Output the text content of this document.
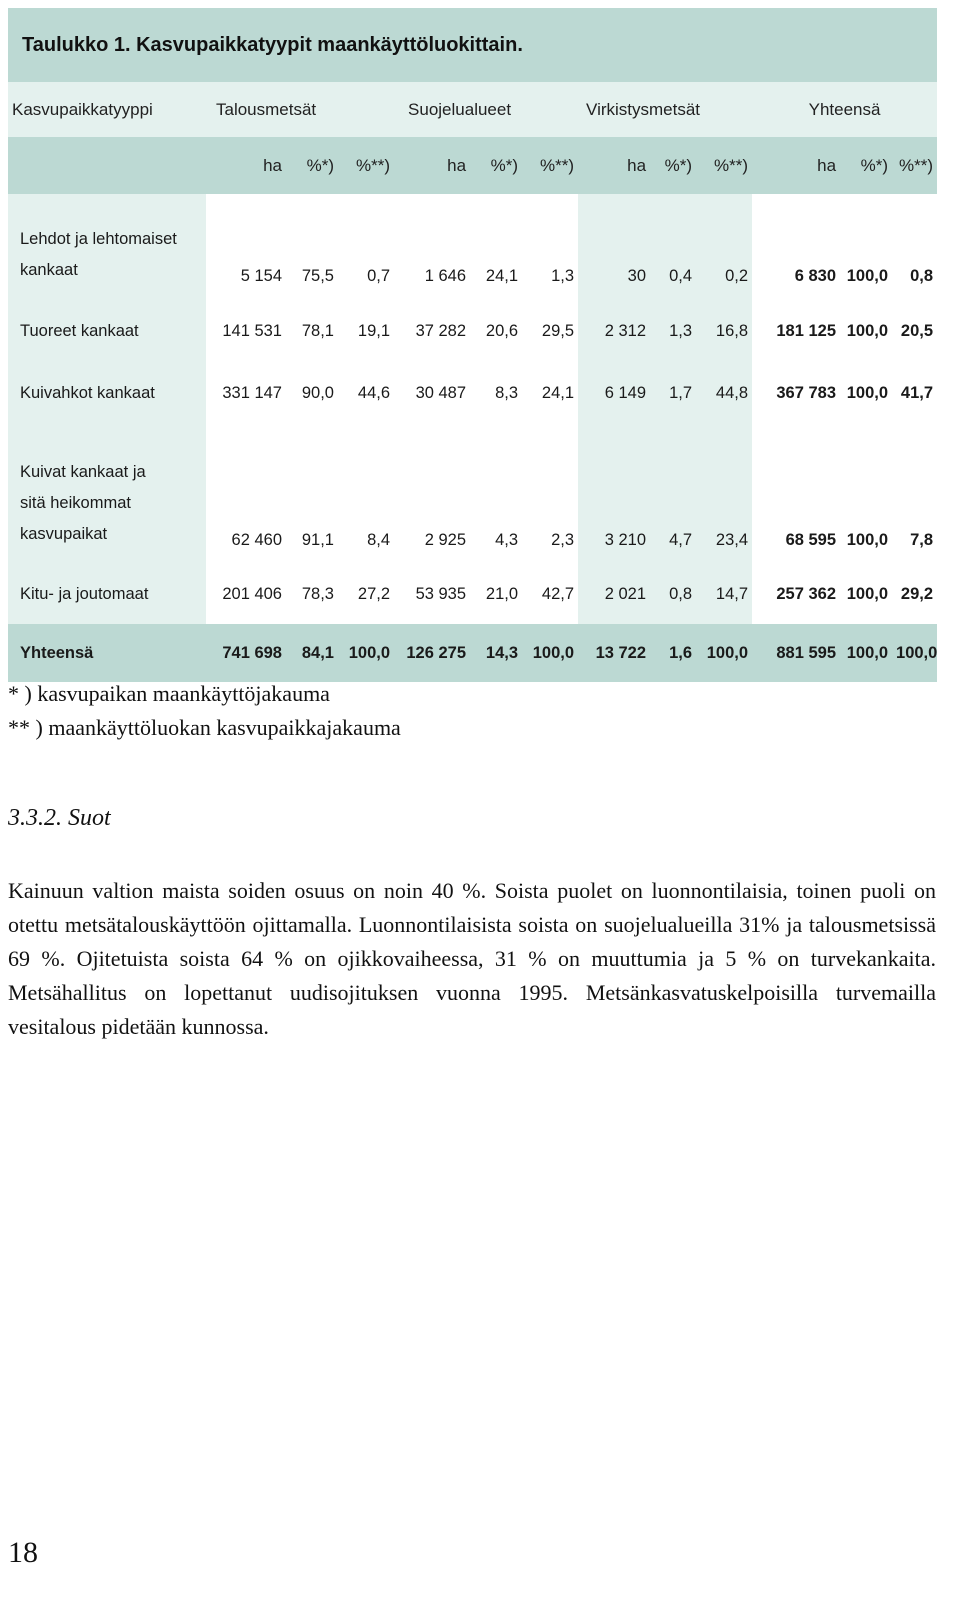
Taulukko 1. Kasvupaikkatyypit maankäyttöluokittain.
Kasvupaikkatyyppi	Talousmetsät			Suojelualueet			Virkistysmetsät			Yhteensä		
	ha	%*)	%**)	ha	%*)	%**)	ha	%*)	%**)	ha	%*)	%**)

Lehdot ja lehtomaiset
kankaat	5 154	75,5	0,7	1 646	24,1	1,3	30	0,4	0,2	6 830	100,0	0,8
Tuoreet kankaat	141 531	78,1	19,1	37 282	20,6	29,5	2 312	1,3	16,8	181 125	100,0	20,5
Kuivahkot kankaat	331 147	90,0	44,6	30 487	8,3	24,1	6 149	1,7	44,8	367 783	100,0	41,7

Kuivat kankaat ja
sitä heikommat
kasvupaikat	62 460	91,1	8,4	2 925	4,3	2,3	3 210	4,7	23,4	68 595	100,0	7,8
Kitu- ja joutomaat	201 406	78,3	27,2	53 935	21,0	42,7	2 021	0,8	14,7	257 362	100,0	29,2
Yhteensä	741 698	84,1	100,0	126 275	14,3	100,0	13 722	1,6	100,0	881 595	100,0	100,0
* ) kasvupaikan maankäyttöjakauma
** ) maankäyttöluokan kasvupaikkajakauma
3.3.2. Suot
Kainuun valtion maista soiden osuus on noin 40 %. Soista puolet on luonnontilaisia, toinen puoli on otettu metsätalouskäyttöön ojittamalla. Luonnontilaisista soista on suojelualueilla 31% ja talousmetsissä 69 %. Ojitetuista soista 64 % on ojikkovaiheessa, 31 % on muuttumia ja 5 % on turvekankaita. Metsähallitus on lopettanut uudisojituksen vuonna 1995. Metsänkasvatuskelpoisilla turvemailla vesitalous pidetään kunnossa.
18
